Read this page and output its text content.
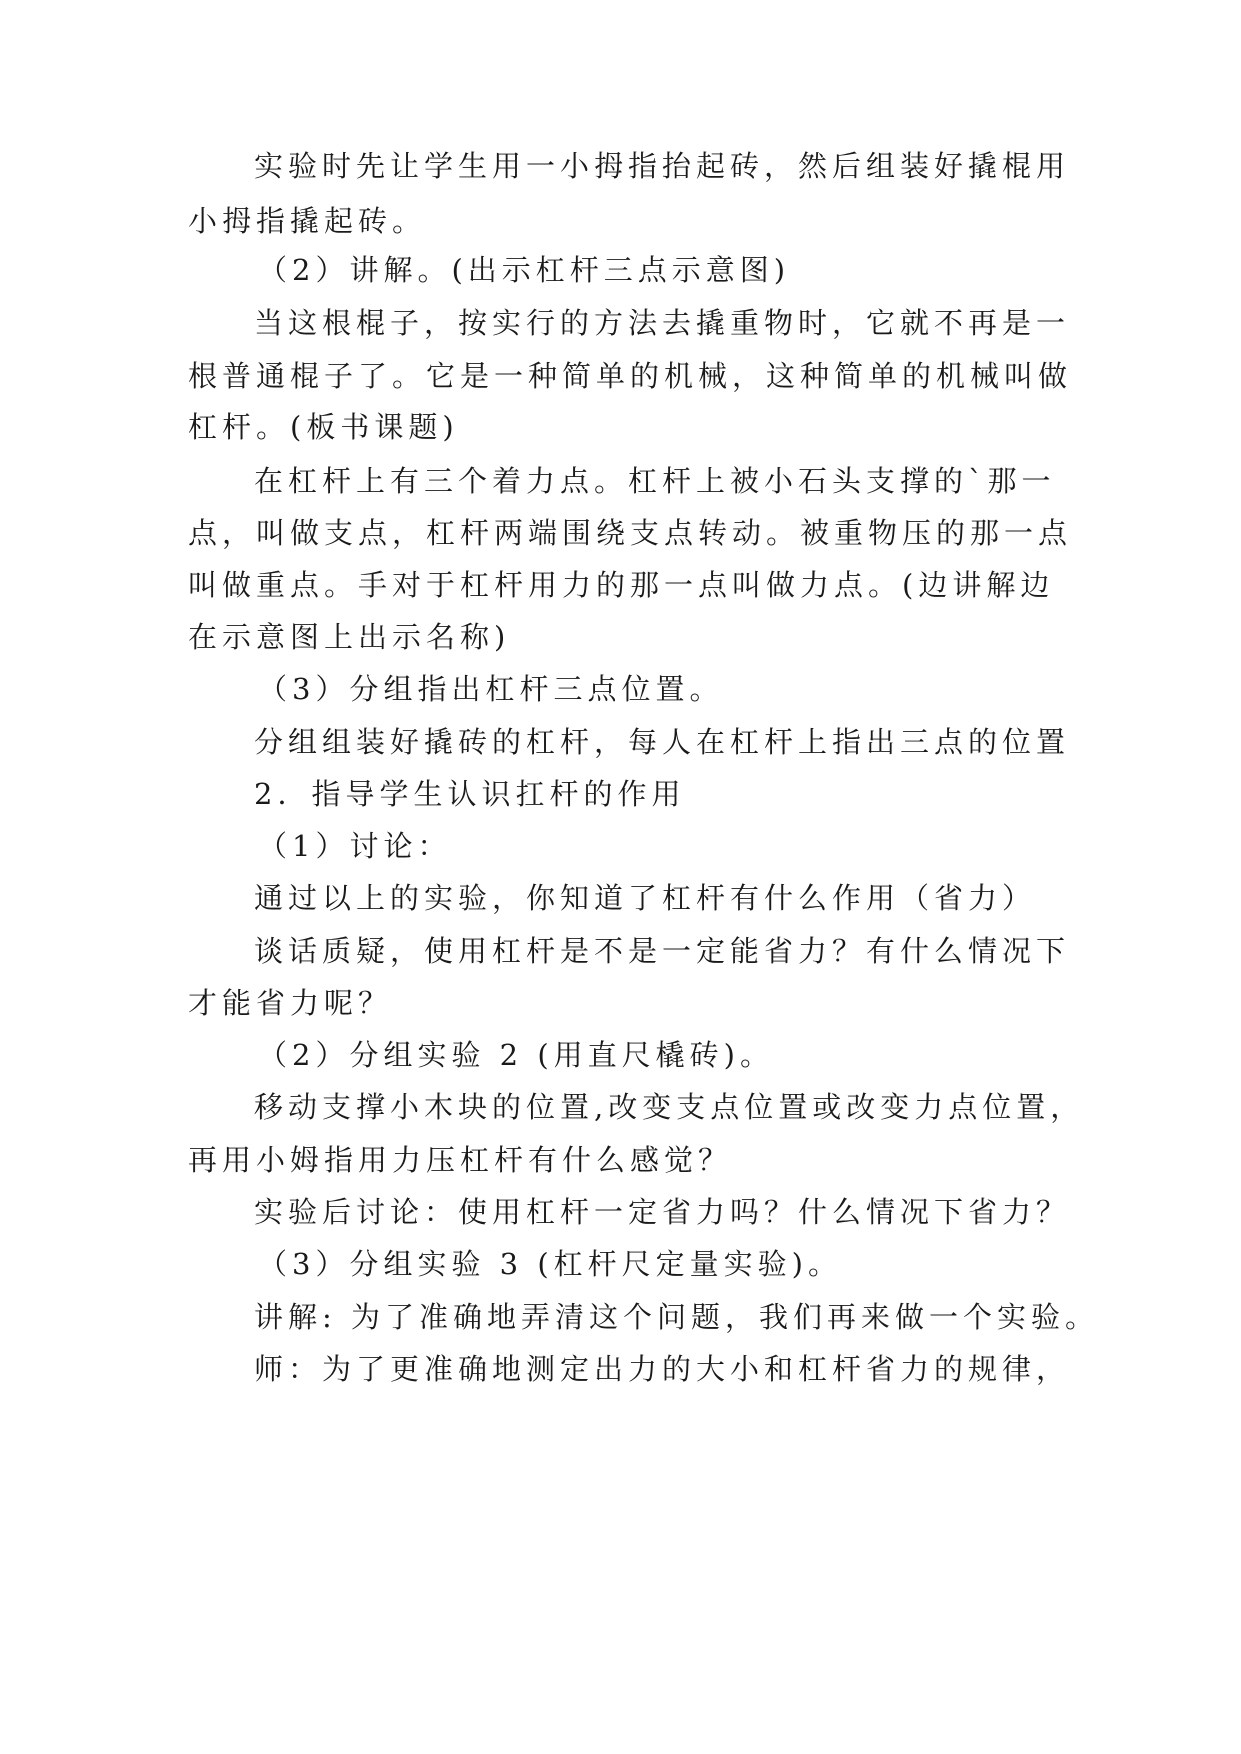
实验时先让学生用一小拇指抬起砖，然后组装好撬棍用
小拇指撬起砖。
（2）讲解。(出示杠杆三点示意图)
当这根棍子，按实行的方法去撬重物时，它就不再是一
根普通棍子了。它是一种简单的机械，这种简单的机械叫做
杠杆。(板书课题)
在杠杆上有三个着力点。杠杆上被小石头支撑的`那一
点，叫做支点，杠杆两端围绕支点转动。被重物压的那一点
叫做重点。手对于杠杆用力的那一点叫做力点。(边讲解边
在示意图上出示名称)
（3）分组指出杠杆三点位置。
分组组装好撬砖的杠杆，每人在杠杆上指出三点的位置
2．指导学生认识扛杆的作用
（1）讨论：
通过以上的实验，你知道了杠杆有什么作用（省力）
谈话质疑，使用杠杆是不是一定能省力？有什么情况下
才能省力呢？
（2）分组实验 2 (用直尺橇砖)。
移动支撑小木块的位置,改变支点位置或改变力点位置，
再用小姆指用力压杠杆有什么感觉？
实验后讨论：使用杠杆一定省力吗？什么情况下省力？
（3）分组实验 3 (杠杆尺定量实验)。
讲解: 为了准确地弄清这个问题，我们再来做一个实验。
师：为了更准确地测定出力的大小和杠杆省力的规律，
